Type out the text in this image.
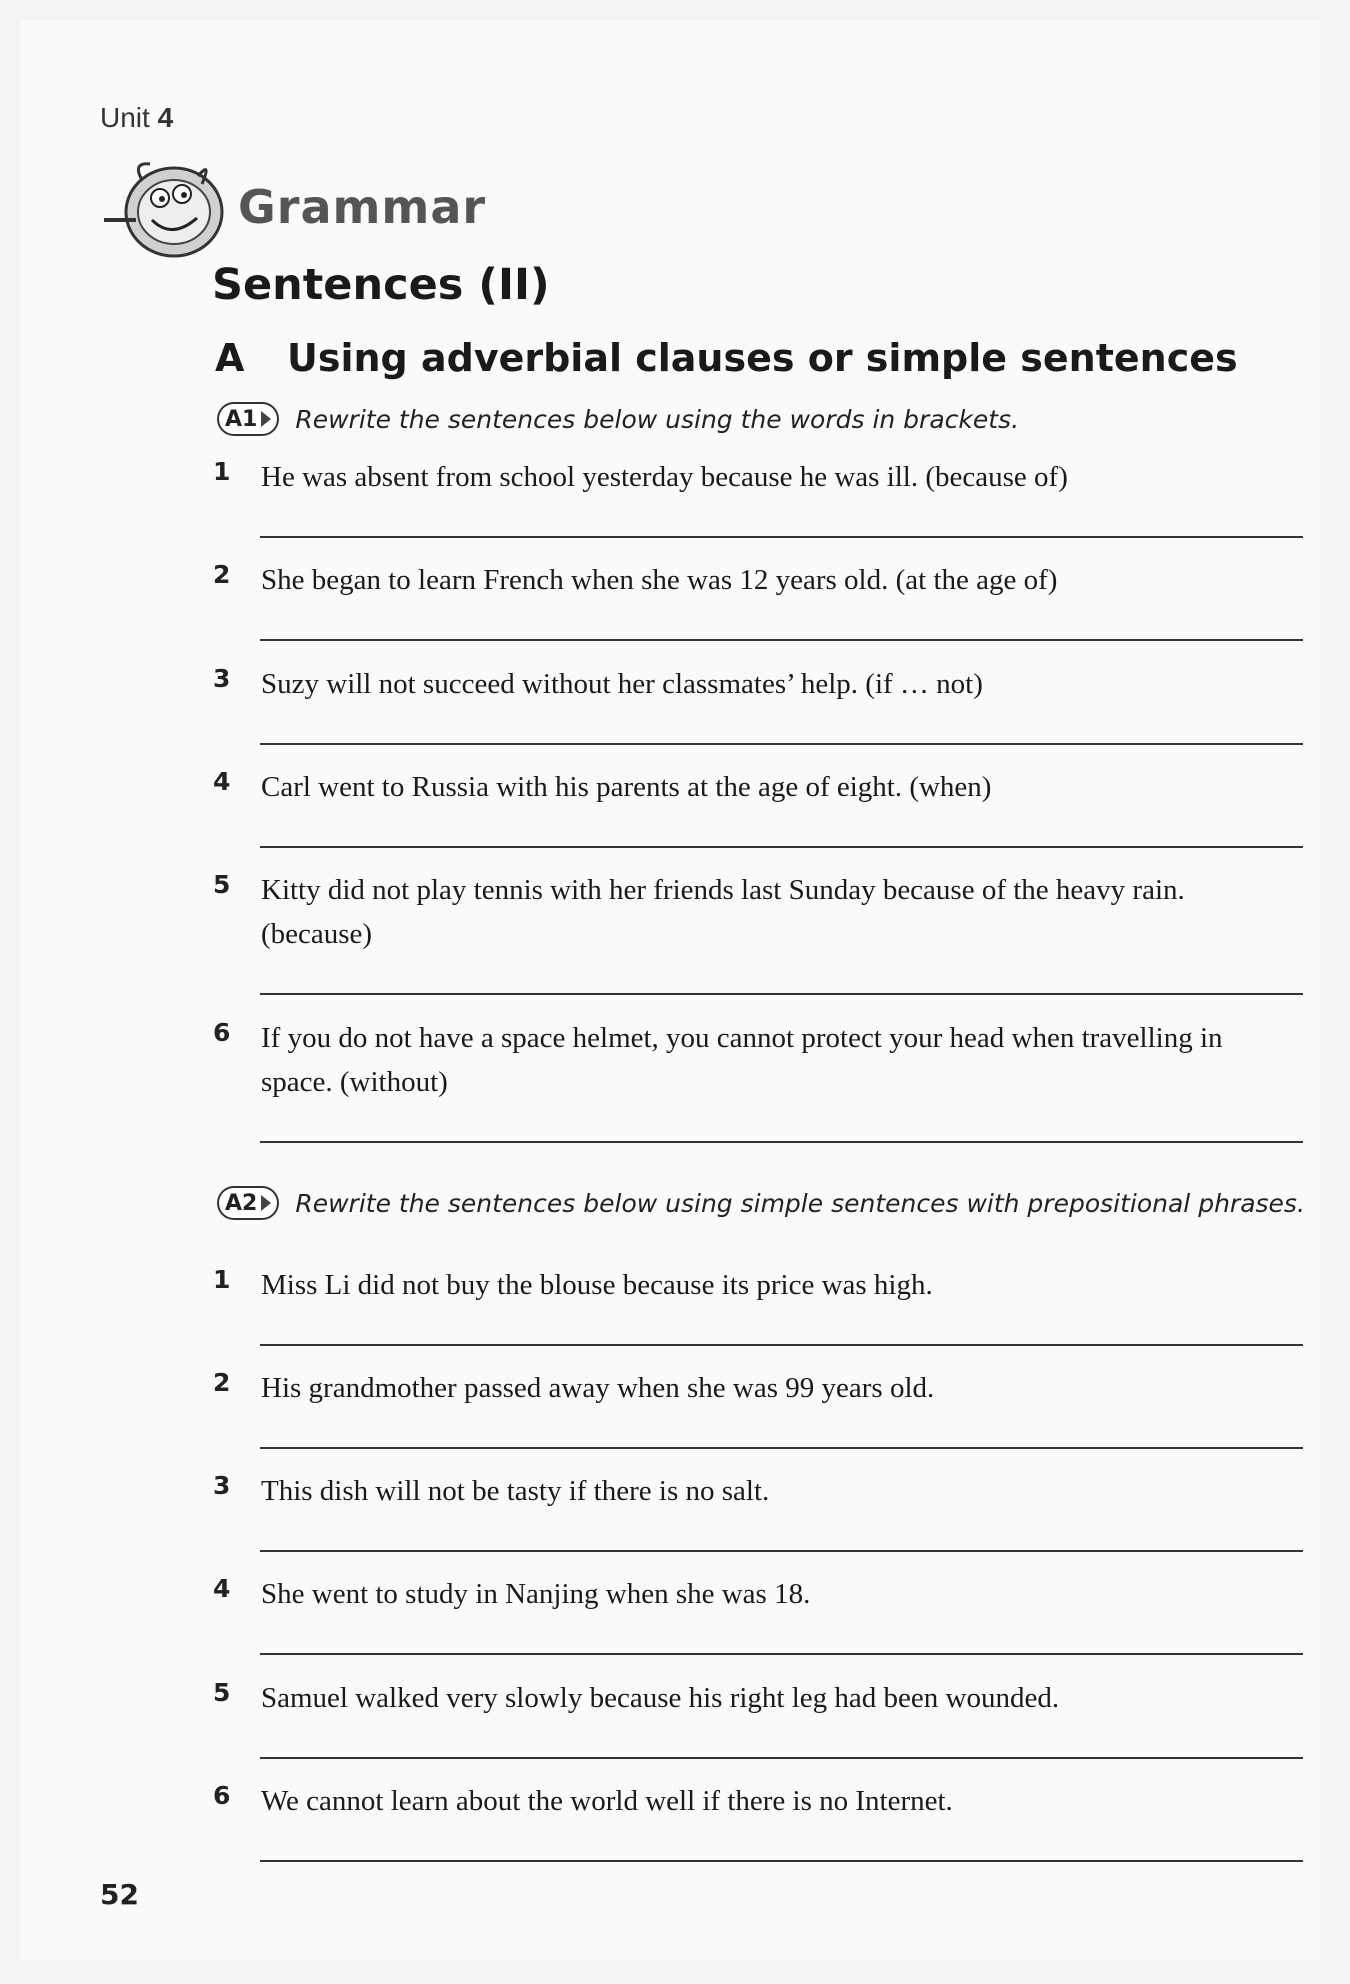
Unit 4
Grammar
Sentences (II)
A Using adverbial clauses or simple sentences
A1 Rewrite the sentences below using the words in brackets.
1 He was absent from school yesterday because he was ill. (because of)
2 She began to learn French when she was 12 years old. (at the age of)
3 Suzy will not succeed without her classmates’ help. (if … not)
4 Carl went to Russia with his parents at the age of eight. (when)
5 Kitty did not play tennis with her friends last Sunday because of the heavy rain. (because)
6 If you do not have a space helmet, you cannot protect your head when travelling in space. (without)
A2 Rewrite the sentences below using simple sentences with prepositional phrases.
1 Miss Li did not buy the blouse because its price was high.
2 His grandmother passed away when she was 99 years old.
3 This dish will not be tasty if there is no salt.
4 She went to study in Nanjing when she was 18.
5 Samuel walked very slowly because his right leg had been wounded.
6 We cannot learn about the world well if there is no Internet.
52
